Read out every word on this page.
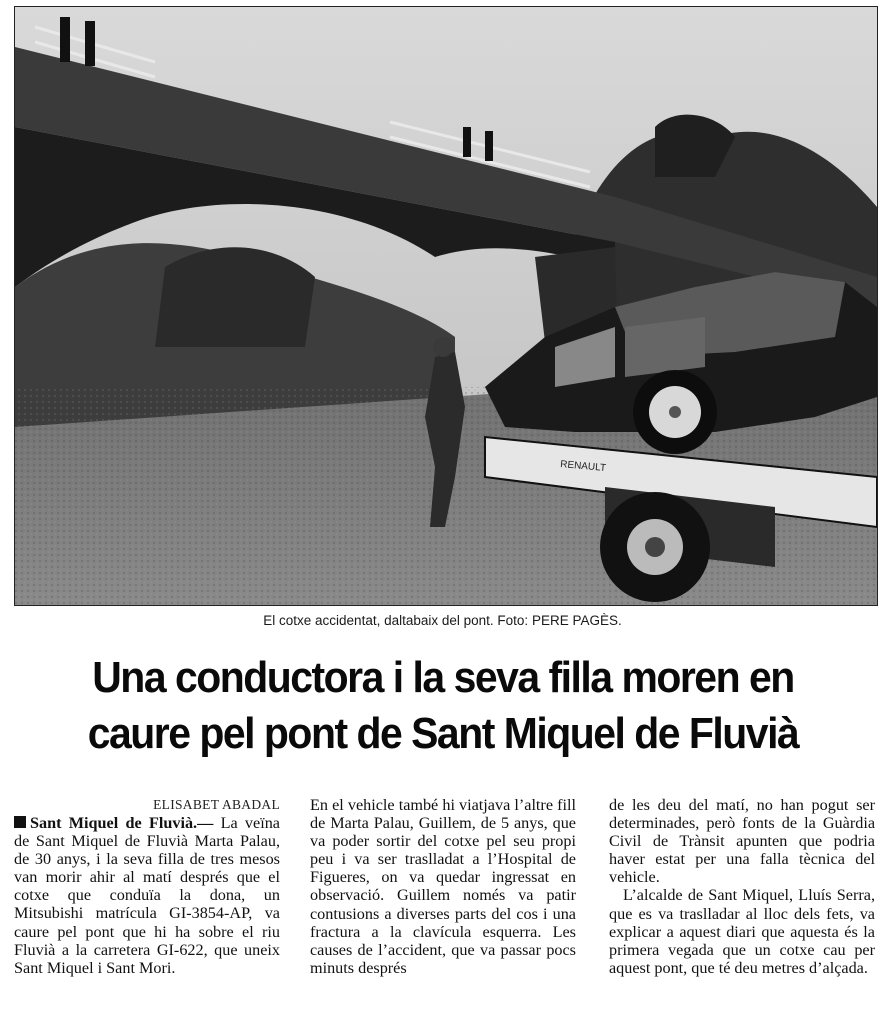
RENAULT
El cotxe accidentat, daltabaix del pont. Foto: PERE PAGÈS.
Una conductora i la seva filla moren en
caure pel pont de Sant Miquel de Fluvià
ELISABET ABADAL

Sant Miquel de Fluvià.— La veïna de Sant Miquel de Fluvià Marta Palau, de 30 anys, i la seva filla de tres mesos van morir ahir al matí després que el cotxe que conduïa la dona, un Mitsubishi matrícula GI-3854-AP, va caure pel pont que hi ha sobre el riu Fluvià a la carretera GI-622, que uneix Sant Miquel i Sant Mori.

En el vehicle també hi viatjava l’altre fill de Marta Palau, Guillem, de 5 anys, que va poder sortir del cotxe pel seu propi peu i va ser traslladat a l’Hospital de Figueres, on va quedar ingressat en observació. Guillem només va patir contusions a diverses parts del cos i una fractura a la clavícula esquerra. Les causes de l’accident, que va passar pocs minuts després

de les deu del matí, no han pogut ser determinades, però fonts de la Guàrdia Civil de Trànsit apunten que podria haver estat per una falla tècnica del vehicle.

L’alcalde de Sant Miquel, Lluís Serra, que es va traslladar al lloc dels fets, va explicar a aquest diari que aquesta és la primera vegada que un cotxe cau per aquest pont, que té deu metres d’alçada.
